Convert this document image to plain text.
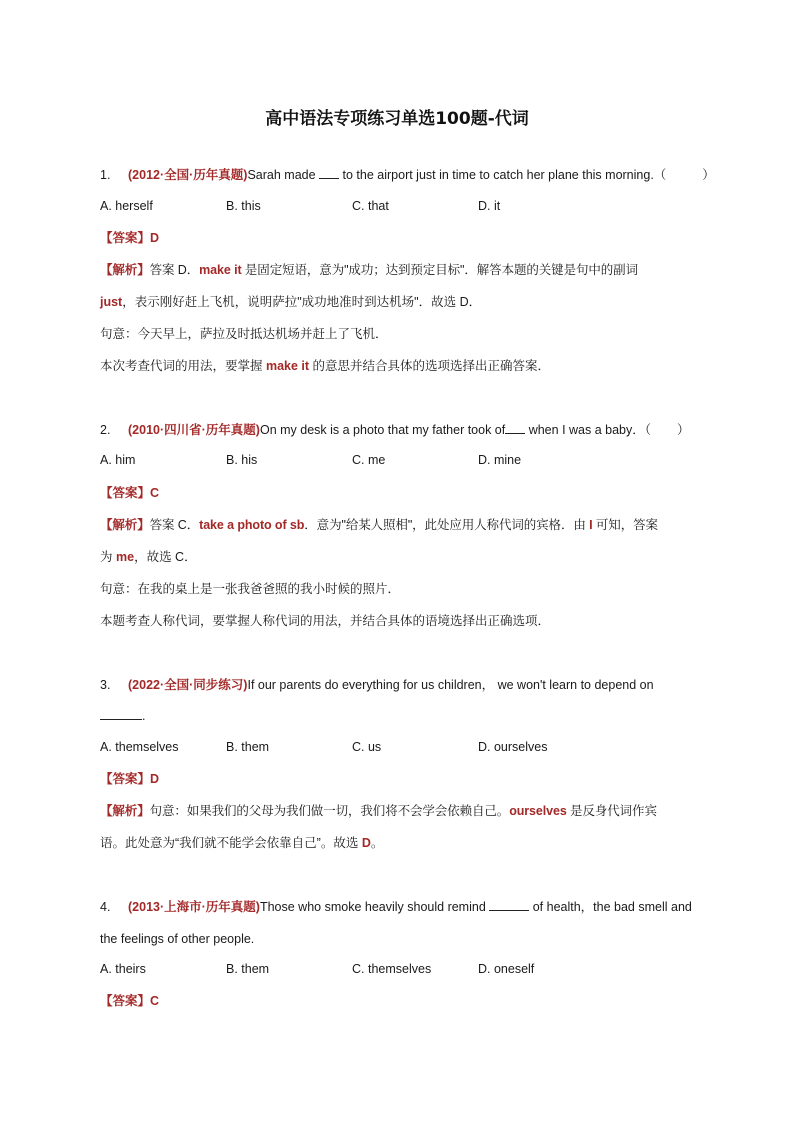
高中语法专项练习单选100题-代词
1. (2012·全国·历年真题)Sarah made  to the airport just in time to catch her plane this morning.（	）
A. herself	B. this	C. that	D. it
【答案】D
【解析】答案 D．make it 是固定短语，意为"成功；达到预定目标"．解答本题的关键是句中的副词
just，表示刚好赶上飞机，说明萨拉"成功地准时到达机场"．故选 D．
句意：今天早上，萨拉及时抵达机场并赶上了飞机．
本次考查代词的用法，要掌握 make it 的意思并结合具体的选项选择出正确答案．
2. (2010·四川省·历年真题)On my desk is a photo that my father took of when I was a baby．（ ）
A. him	B. his	C. me	D. mine
【答案】C
【解析】答案 C．take a photo of sb．意为"给某人照相"，此处应用人称代词的宾格．由 I 可知，答案
为 me，故选 C．
句意：在我的桌上是一张我爸爸照的我小时候的照片．
本题考查人称代词，要掌握人称代词的用法，并结合具体的语境选择出正确选项．
3. (2022·全国·同步练习)If our parents do everything for us children， we won't learn to depend on
.
A. themselves	B. them	C. us	D. ourselves
【答案】D
【解析】句意：如果我们的父母为我们做一切，我们将不会学会依赖自己。ourselves 是反身代词作宾
语。此处意为“我们就不能学会依靠自己”。故选 D。
4. (2013·上海市·历年真题)Those who smoke heavily should remind	of health，the bad smell and
the feelings of other people.
A. theirs	B. them	C. themselves	D. oneself
【答案】C
